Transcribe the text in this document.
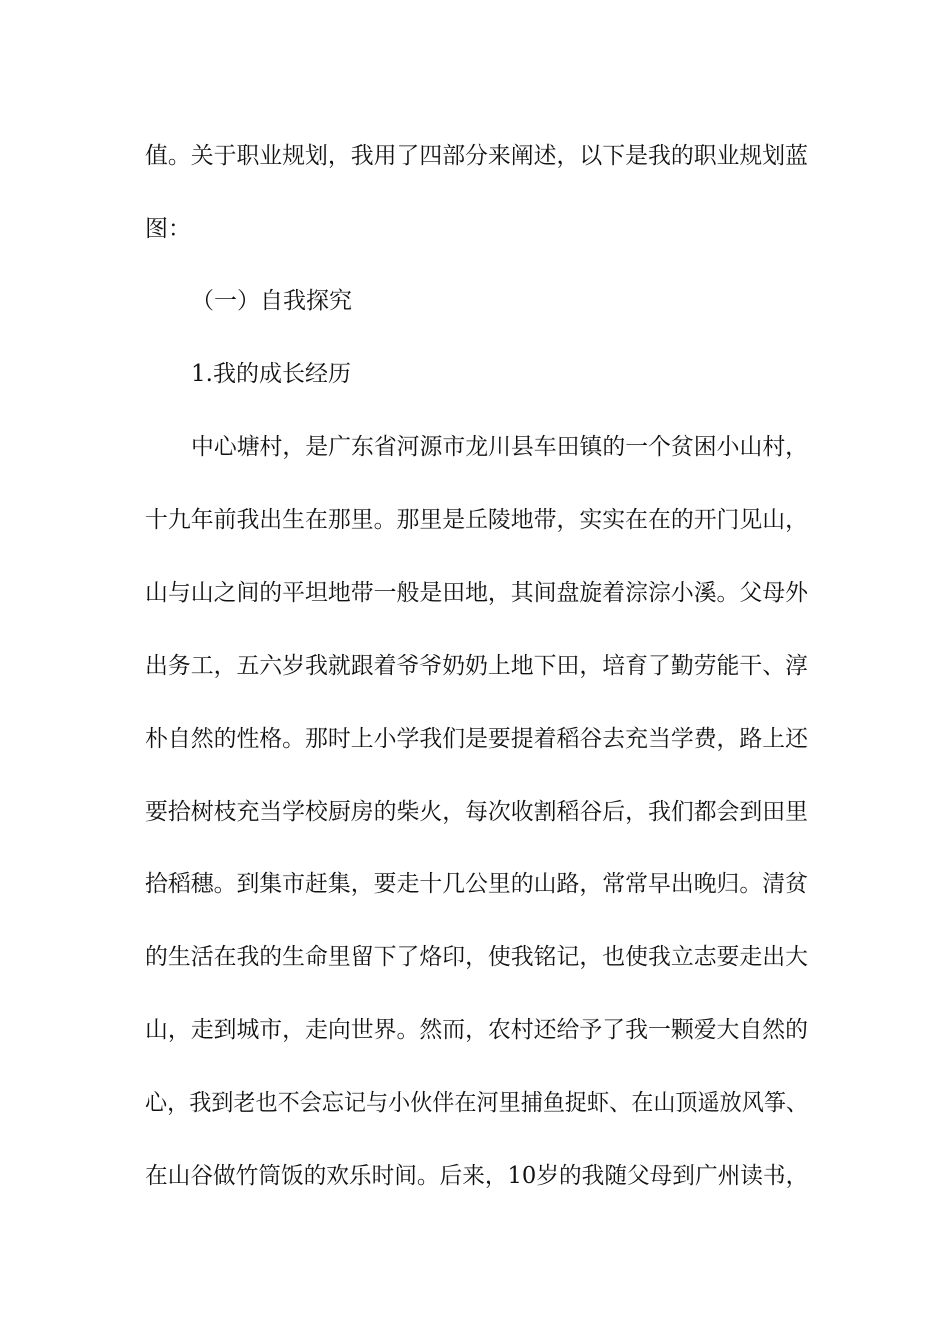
值。关于职业规划，我用了四部分来阐述，以下是我的职业规划蓝

图：

（一）自我探究

1.我的成长经历

中心塘村，是广东省河源市龙川县车田镇的一个贫困小山村，

十九年前我出生在那里。那里是丘陵地带，实实在在的开门见山，

山与山之间的平坦地带一般是田地，其间盘旋着淙淙小溪。父母外

出务工，五六岁我就跟着爷爷奶奶上地下田，培育了勤劳能干、淳

朴自然的性格。那时上小学我们是要提着稻谷去充当学费，路上还

要拾树枝充当学校厨房的柴火，每次收割稻谷后，我们都会到田里

拾稻穗。到集市赶集，要走十几公里的山路，常常早出晚归。清贫

的生活在我的生命里留下了烙印，使我铭记，也使我立志要走出大

山，走到城市，走向世界。然而，农村还给予了我一颗爱大自然的

心，我到老也不会忘记与小伙伴在河里捕鱼捉虾、在山顶遥放风筝、

在山谷做竹筒饭的欢乐时间。后来，10岁的我随父母到广州读书，
